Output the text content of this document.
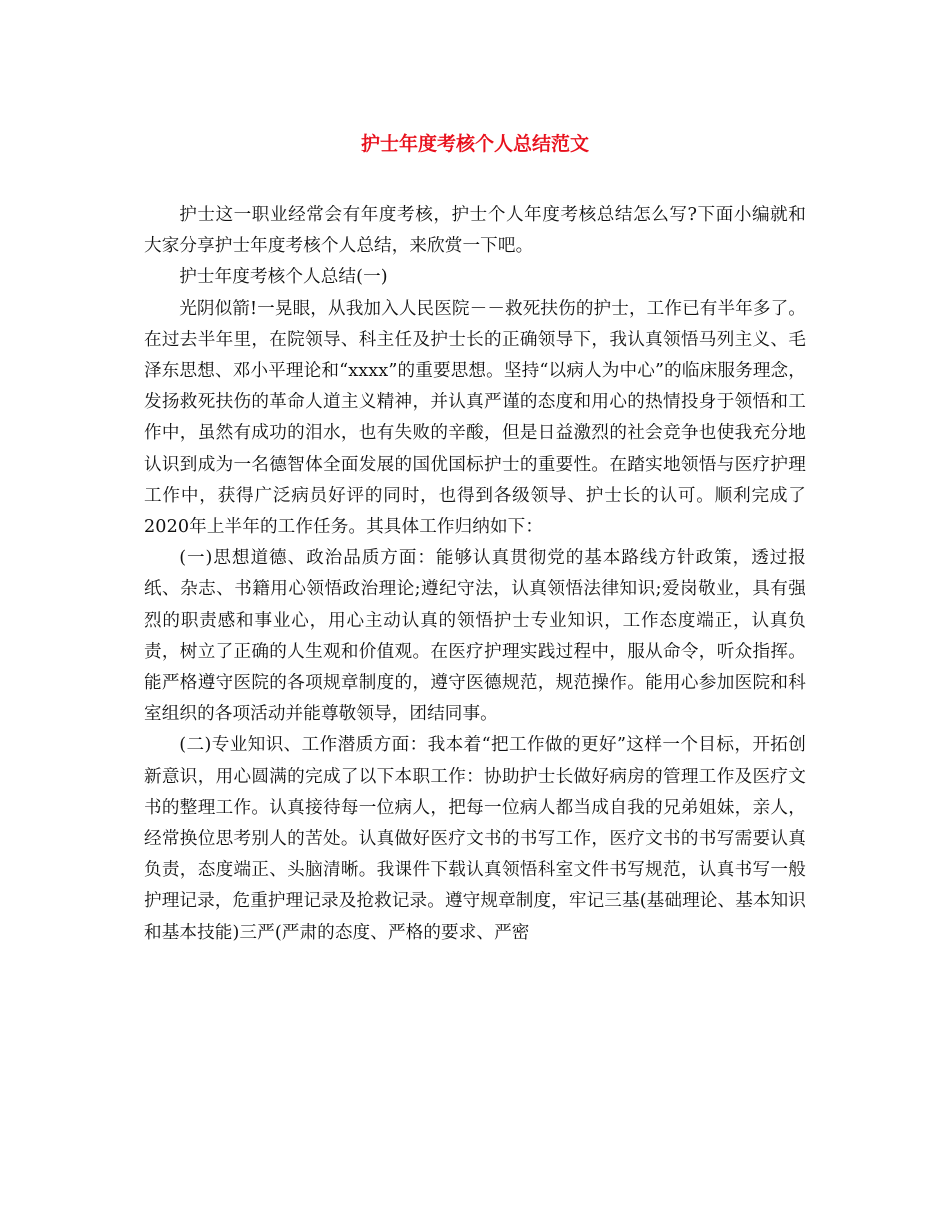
护士年度考核个人总结范文

护士这一职业经常会有年度考核，护士个人年度考核总结怎么写?下面小编就和大家分享护士年度考核个人总结，来欣赏一下吧。

护士年度考核个人总结(一)

光阴似箭!一晃眼，从我加入人民医院－－救死扶伤的护士，工作已有半年多了。在过去半年里，在院领导、科主任及护士长的正确领导下，我认真领悟马列主义、毛泽东思想、邓小平理论和“xxxx”的重要思想。坚持“以病人为中心”的临床服务理念，发扬救死扶伤的革命人道主义精神，并认真严谨的态度和用心的热情投身于领悟和工作中，虽然有成功的泪水，也有失败的辛酸，但是日益激烈的社会竞争也使我充分地认识到成为一名德智体全面发展的国优国标护士的重要性。在踏实地领悟与医疗护理工作中，获得广泛病员好评的同时，也得到各级领导、护士长的认可。顺利完成了2020年上半年的工作任务。其具体工作归纳如下：

(一)思想道德、政治品质方面：能够认真贯彻党的基本路线方针政策，透过报纸、杂志、书籍用心领悟政治理论;遵纪守法，认真领悟法律知识;爱岗敬业，具有强烈的职责感和事业心，用心主动认真的领悟护士专业知识，工作态度端正，认真负责，树立了正确的人生观和价值观。在医疗护理实践过程中，服从命令，听众指挥。能严格遵守医院的各项规章制度的，遵守医德规范，规范操作。能用心参加医院和科室组织的各项活动并能尊敬领导，团结同事。

(二)专业知识、工作潜质方面：我本着“把工作做的更好”这样一个目标，开拓创新意识，用心圆满的完成了以下本职工作：协助护士长做好病房的管理工作及医疗文书的整理工作。认真接待每一位病人，把每一位病人都当成自我的兄弟姐妹，亲人，经常换位思考别人的苦处。认真做好医疗文书的书写工作，医疗文书的书写需要认真负责，态度端正、头脑清晰。我课件下载认真领悟科室文件书写规范，认真书写一般护理记录，危重护理记录及抢救记录。遵守规章制度，牢记三基(基础理论、基本知识和基本技能)三严(严肃的态度、严格的要求、严密
